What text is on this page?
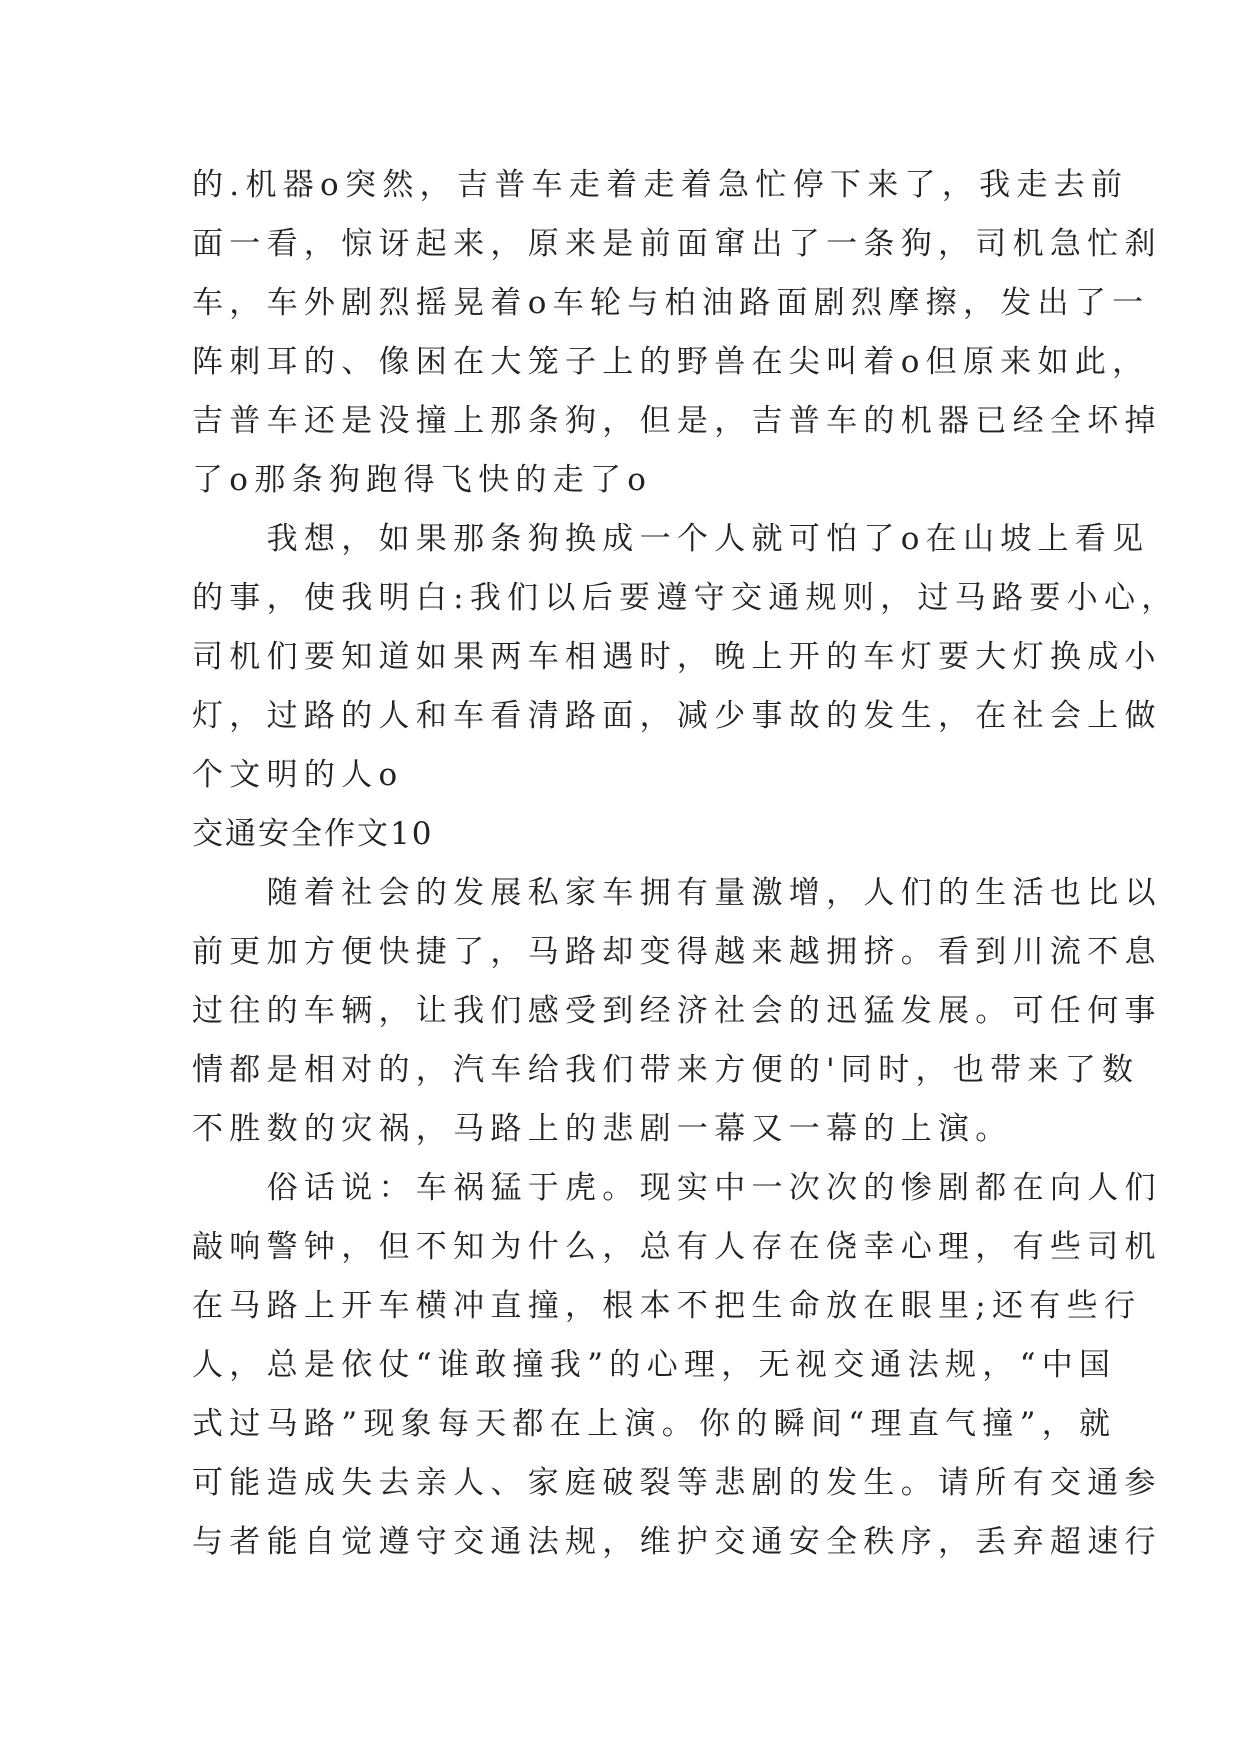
的.机器o突然，吉普车走着走着急忙停下来了，我走去前
面一看，惊讶起来，原来是前面窜出了一条狗，司机急忙刹
车，车外剧烈摇晃着o车轮与柏油路面剧烈摩擦，发出了一
阵刺耳的、像困在大笼子上的野兽在尖叫着o但原来如此，
吉普车还是没撞上那条狗，但是，吉普车的机器已经全坏掉
了o那条狗跑得飞快的走了o
　　我想，如果那条狗换成一个人就可怕了o在山坡上看见
的事，使我明白:我们以后要遵守交通规则，过马路要小心，
司机们要知道如果两车相遇时，晚上开的车灯要大灯换成小
灯，过路的人和车看清路面，减少事故的发生，在社会上做
个文明的人o
交通安全作文10
　　随着社会的发展私家车拥有量激增，人们的生活也比以
前更加方便快捷了，马路却变得越来越拥挤。看到川流不息
过往的车辆，让我们感受到经济社会的迅猛发展。可任何事
情都是相对的，汽车给我们带来方便的'同时，也带来了数
不胜数的灾祸，马路上的悲剧一幕又一幕的上演。
　　俗话说：车祸猛于虎。现实中一次次的惨剧都在向人们
敲响警钟，但不知为什么，总有人存在侥幸心理，有些司机
在马路上开车横冲直撞，根本不把生命放在眼里;还有些行
人，总是依仗“谁敢撞我”的心理，无视交通法规，“中国
式过马路”现象每天都在上演。你的瞬间“理直气撞”，就
可能造成失去亲人、家庭破裂等悲剧的发生。请所有交通参
与者能自觉遵守交通法规，维护交通安全秩序，丢弃超速行
